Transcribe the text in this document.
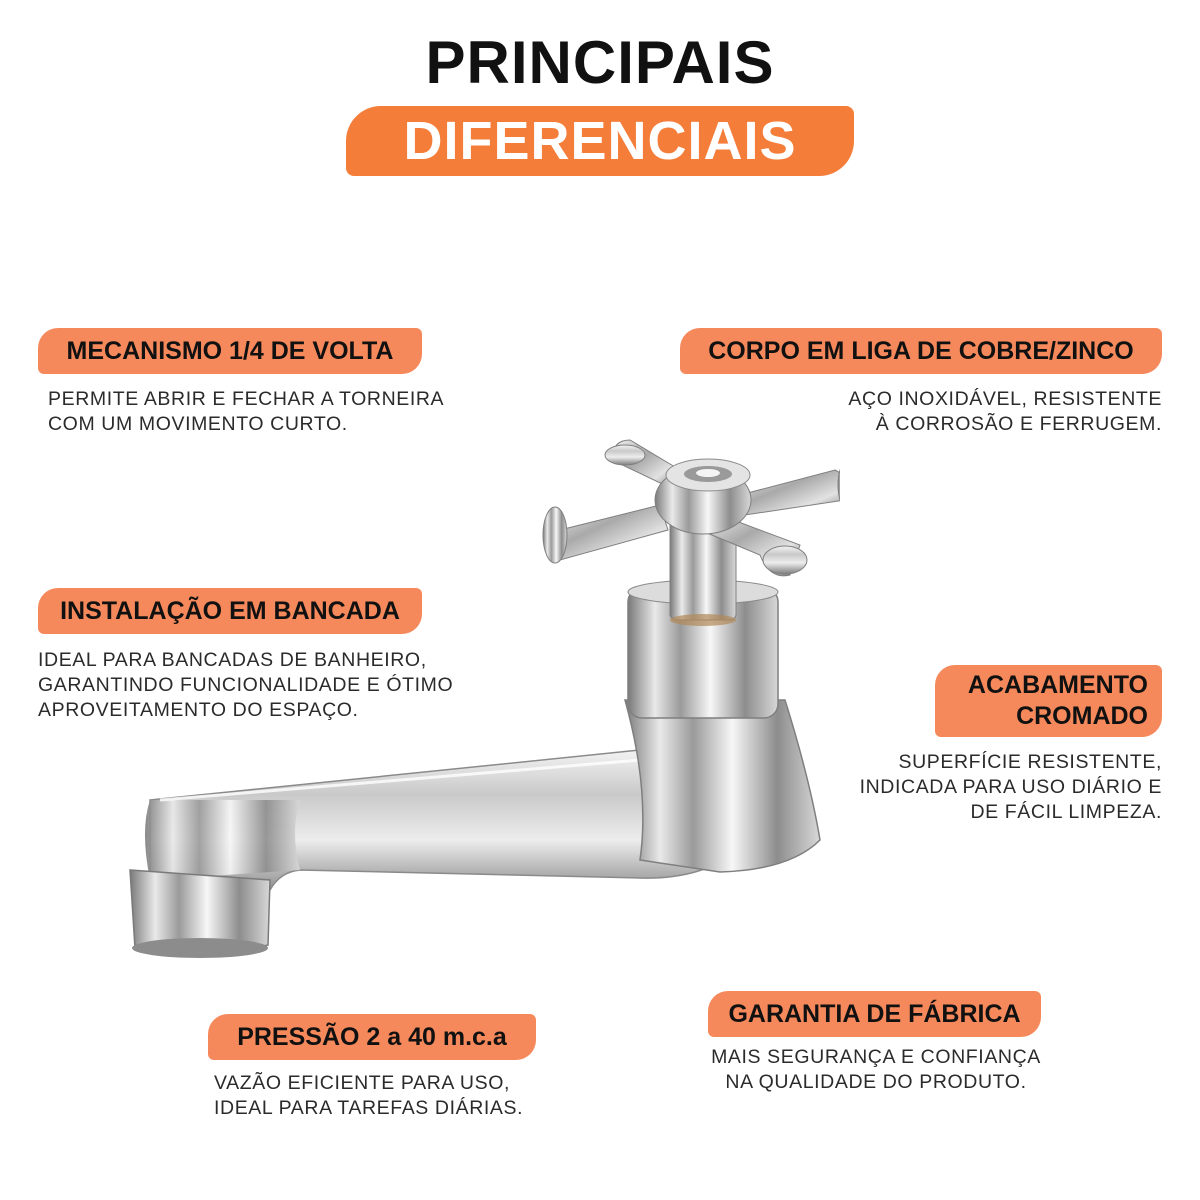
PRINCIPAIS
DIFERENCIAIS
MECANISMO 1/4 DE VOLTA
PERMITE ABRIR E FECHAR A TORNEIRA
COM UM MOVIMENTO CURTO.
CORPO EM LIGA DE COBRE/ZINCO
AÇO INOXIDÁVEL, RESISTENTE
À CORROSÃO E FERRUGEM.
INSTALAÇÃO EM BANCADA
IDEAL PARA BANCADAS DE BANHEIRO,
GARANTINDO FUNCIONALIDADE E ÓTIMO
APROVEITAMENTO DO ESPAÇO.
ACABAMENTO
CROMADO
SUPERFÍCIE RESISTENTE,
INDICADA PARA USO DIÁRIO E
DE FÁCIL LIMPEZA.
PRESSÃO 2 a 40 m.c.a
VAZÃO EFICIENTE PARA USO,
IDEAL PARA TAREFAS DIÁRIAS.
GARANTIA DE FÁBRICA
MAIS SEGURANÇA E CONFIANÇA
NA QUALIDADE DO PRODUTO.
